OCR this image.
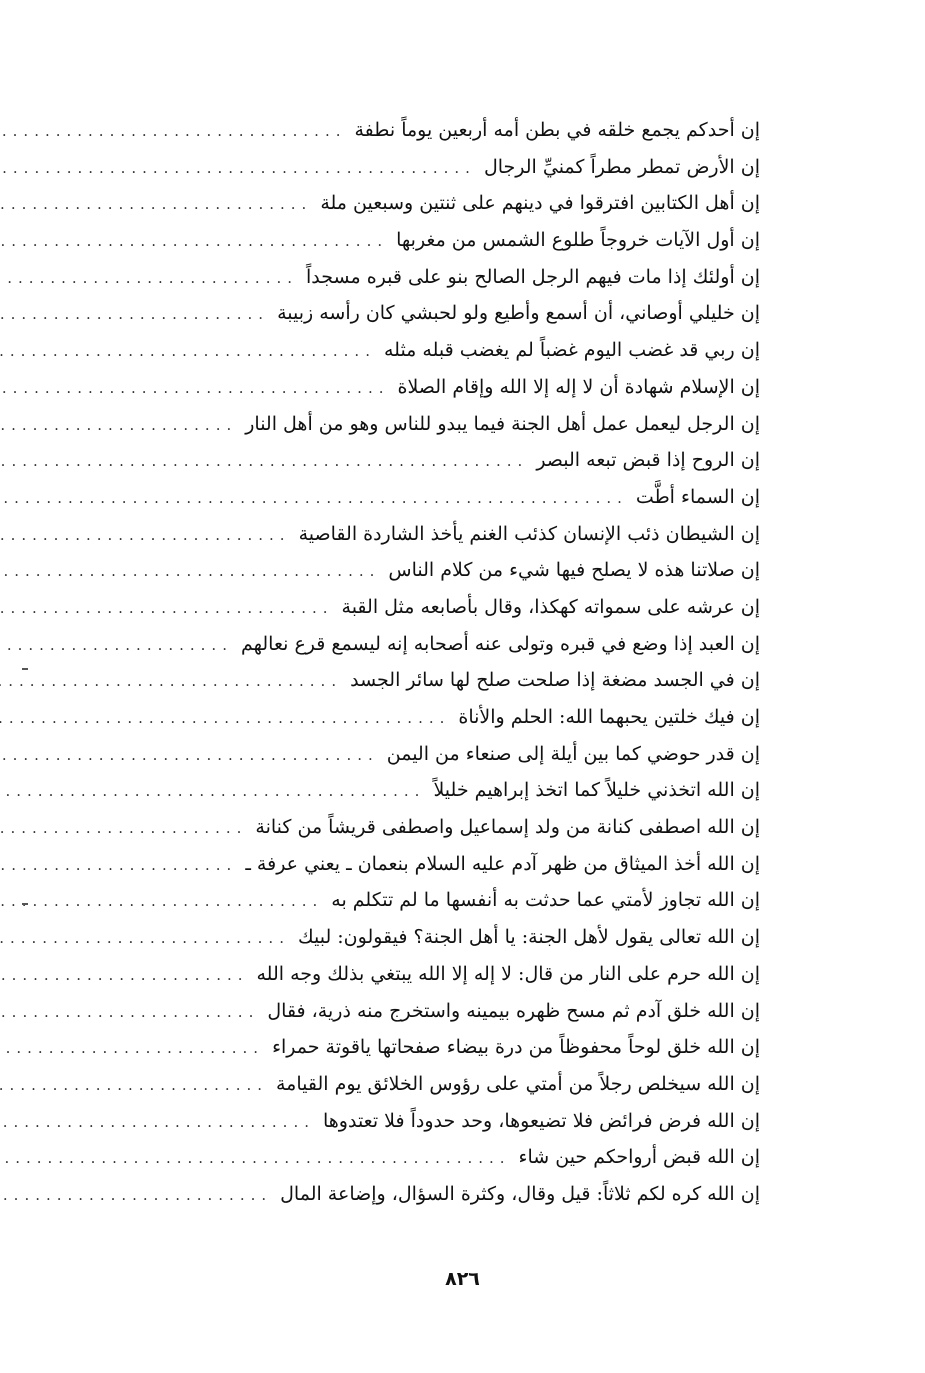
إن أحدكم يجمع خلقه في بطن أمه أربعين يوماً نطفة
.....
إن الأرض تمطر مطراً كمنيِّ الرجال
.....
إن أهل الكتابين افترقوا في دينهم على ثنتين وسبعين ملة
.....
إن أول الآيات خروجاً طلوع الشمس من مغربها
.....
إن أولئك إذا مات فيهم الرجل الصالح بنو على قبره مسجداً
.....
إن خليلي أوصاني، أن أسمع وأطيع ولو لحبشي كان رأسه زبيبة
.....
إن ربي قد غضب اليوم غضباً لم يغضب قبله مثله
.....
إن الإسلام شهادة أن لا إله إلا الله وإقام الصلاة
.....
إن الرجل ليعمل عمل أهل الجنة فيما يبدو للناس وهو من أهل النار
.....
إن الروح إذا قبض تبعه البصر
.....
إن السماء أطَّت
.....
إن الشيطان ذئب الإنسان كذئب الغنم يأخذ الشاردة القاصية
.....
إن صلاتنا هذه لا يصلح فيها شيء من كلام الناس
.....
إن عرشه على سمواته كهكذا، وقال بأصابعه مثل القبة
.....
إن العبد إذا وضع في قبره وتولى عنه أصحابه إنه ليسمع قرع نعالهم
.....
إن في الجسد مضغة إذا صلحت صلح لها سائر الجسد
.....
إن فيك خلتين يحبهما الله: الحلم والأناة
.....
إن قدر حوضي كما بين أيلة إلى صنعاء من اليمن
.....
إن الله اتخذني خليلاً كما اتخذ إبراهيم خليلاً
.....
إن الله اصطفى كنانة من ولد إسماعيل واصطفى قريشاً من كنانة
.....
إن الله أخذ الميثاق من ظهر آدم عليه السلام بنعمان ـ يعني عرفة ـ
.....
إن الله تجاوز لأمتي عما حدثت به أنفسها ما لم تتكلم به
.....
إن الله تعالى يقول لأهل الجنة: يا أهل الجنة؟ فيقولون: لبيك
.....
إن الله حرم على النار من قال: لا إله إلا الله يبتغي بذلك وجه الله
.....
إن الله خلق آدم ثم مسح ظهره بيمينه واستخرج منه ذرية، فقال
.....
إن الله خلق لوحاً محفوظاً من درة بيضاء صفحاتها ياقوتة حمراء
.....
إن الله سيخلص رجلاً من أمتي على رؤوس الخلائق يوم القيامة
.....
إن الله فرض فرائض فلا تضيعوها، وحد حدوداً فلا تعتدوها
.....
إن الله قبض أرواحكم حين شاء
.....
إن الله كره لكم ثلاثاً: قيل وقال، وكثرة السؤال، وإضاعة المال
.....
٨٢٦
